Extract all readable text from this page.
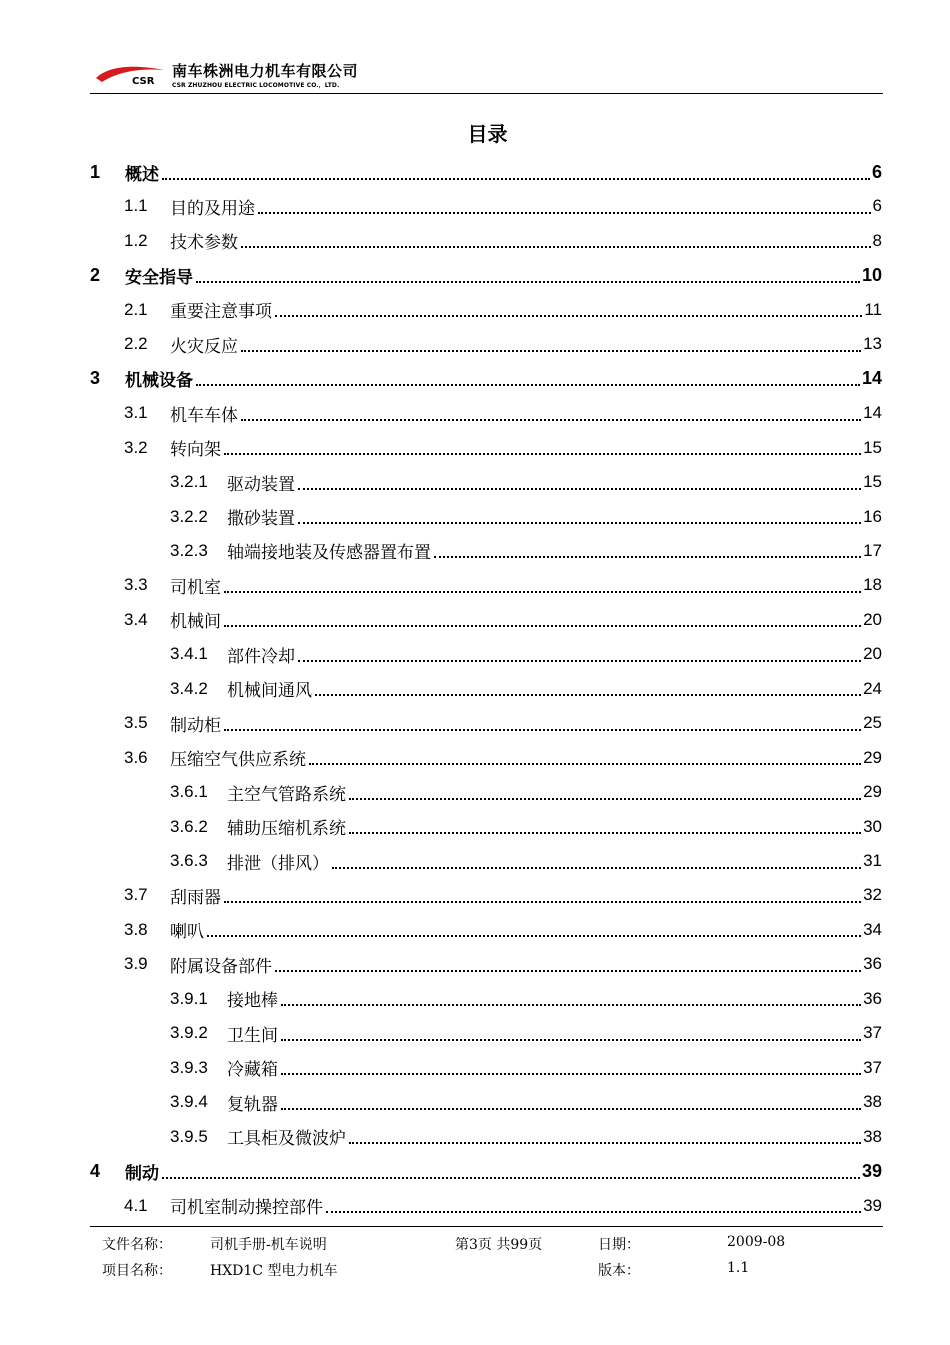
CSR
南车株洲电力机车有限公司
CSR ZHUZHOU ELECTRIC LOCOMOTIVE CO.，LTD.
目录
1	概述	6
1.1	目的及用途	6
1.2	技术参数	8
2	安全指导	10
2.1	重要注意事项	11
2.2	火灾反应	13
3	机械设备	14
3.1	机车车体	14
3.2	转向架	15
3.2.1	驱动装置	15
3.2.2	撒砂装置	16
3.2.3	轴端接地装及传感器置布置	17
3.3	司机室	18
3.4	机械间	20
3.4.1	部件冷却	20
3.4.2	机械间通风	24
3.5	制动柜	25
3.6	压缩空气供应系统	29
3.6.1	主空气管路系统	29
3.6.2	辅助压缩机系统	30
3.6.3	排泄（排风）	31
3.7	刮雨器	32
3.8	喇叭	34
3.9	附属设备部件	36
3.9.1	接地棒	36
3.9.2	卫生间	37
3.9.3	冷藏箱	37
3.9.4	复轨器	38
3.9.5	工具柜及微波炉	38
4	制动	39
4.1	司机室制动操控部件	39
文件名称：	司机手册-机车说明	第3页 共99页	日期：	2009-08
项目名称：	HXD1C 型电力机车	版本：	1.1
